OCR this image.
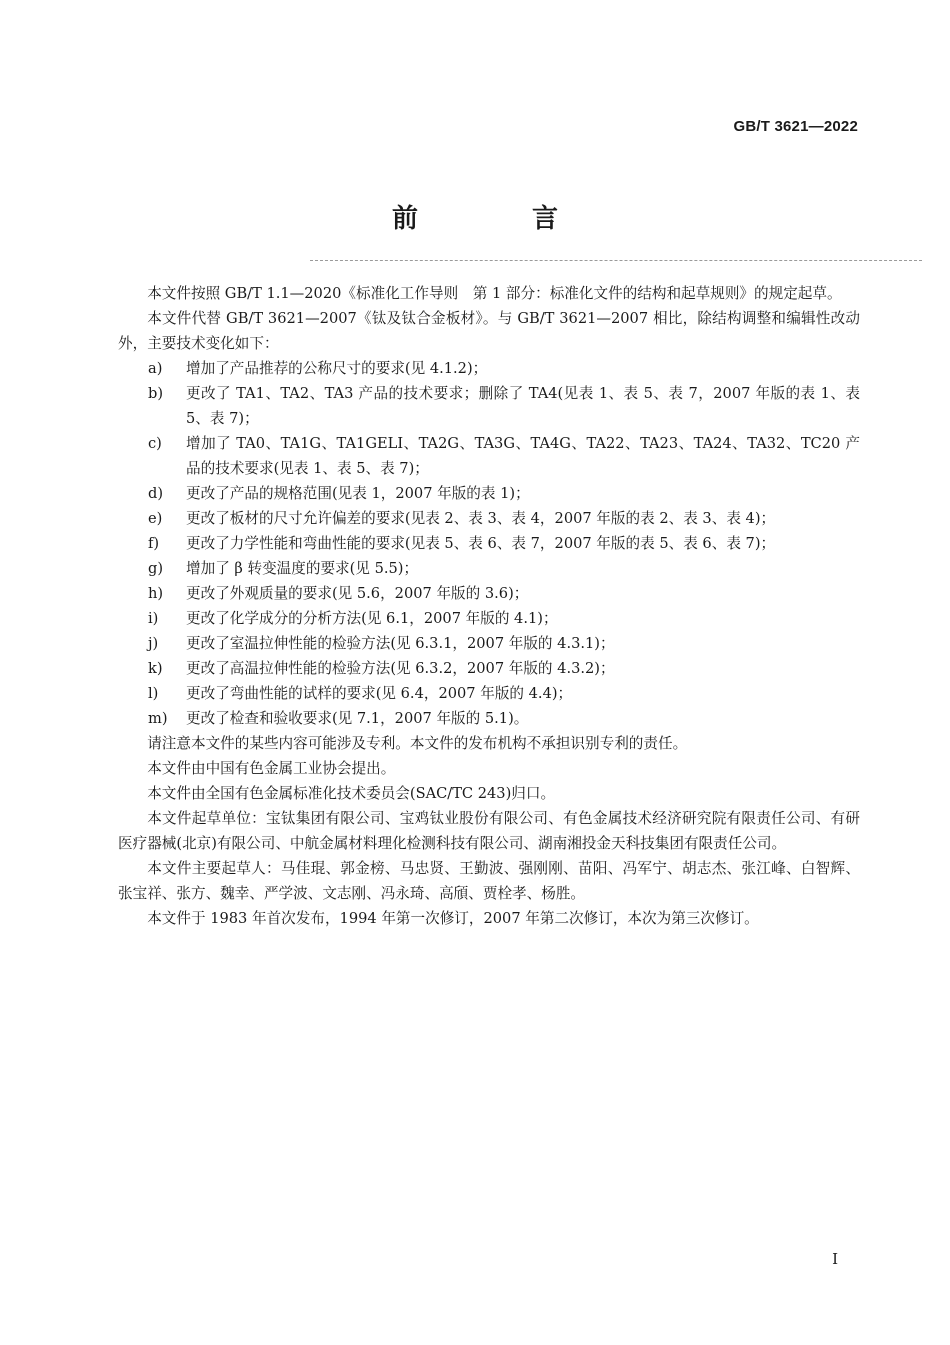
GB/T 3621—2022
前　言

本文件按照 GB/T 1.1—2020《标准化工作导则　第 1 部分：标准化文件的结构和起草规则》的规定起草。

本文件代替 GB/T 3621—2007《钛及钛合金板材》。与 GB/T 3621—2007 相比，除结构调整和编辑性改动外，主要技术变化如下：

a)	增加了产品推荐的公称尺寸的要求(见 4.1.2)；
b)	更改了 TA1、TA2、TA3 产品的技术要求；删除了 TA4(见表 1、表 5、表 7，2007 年版的表 1、表 5、表 7)；
c)	增加了 TA0、TA1G、TA1GELI、TA2G、TA3G、TA4G、TA22、TA23、TA24、TA32、TC20 产品的技术要求(见表 1、表 5、表 7)；
d)	更改了产品的规格范围(见表 1，2007 年版的表 1)；
e)	更改了板材的尺寸允许偏差的要求(见表 2、表 3、表 4，2007 年版的表 2、表 3、表 4)；
f)	更改了力学性能和弯曲性能的要求(见表 5、表 6、表 7，2007 年版的表 5、表 6、表 7)；
g)	增加了 β 转变温度的要求(见 5.5)；
h)	更改了外观质量的要求(见 5.6，2007 年版的 3.6)；
i)	更改了化学成分的分析方法(见 6.1，2007 年版的 4.1)；
j)	更改了室温拉伸性能的检验方法(见 6.3.1，2007 年版的 4.3.1)；
k)	更改了高温拉伸性能的检验方法(见 6.3.2，2007 年版的 4.3.2)；
l)	更改了弯曲性能的试样的要求(见 6.4，2007 年版的 4.4)；
m)	更改了检查和验收要求(见 7.1，2007 年版的 5.1)。

请注意本文件的某些内容可能涉及专利。本文件的发布机构不承担识别专利的责任。

本文件由中国有色金属工业协会提出。

本文件由全国有色金属标准化技术委员会(SAC/TC 243)归口。

本文件起草单位：宝钛集团有限公司、宝鸡钛业股份有限公司、有色金属技术经济研究院有限责任公司、有研医疗器械(北京)有限公司、中航金属材料理化检测科技有限公司、湖南湘投金天科技集团有限责任公司。

本文件主要起草人：马佳琨、郭金榜、马忠贤、王勤波、强刚刚、苗阳、冯军宁、胡志杰、张江峰、白智辉、张宝祥、张方、魏幸、严学波、文志刚、冯永琦、高頎、贾栓孝、杨胜。

本文件于 1983 年首次发布，1994 年第一次修订，2007 年第二次修订，本次为第三次修订。

I
